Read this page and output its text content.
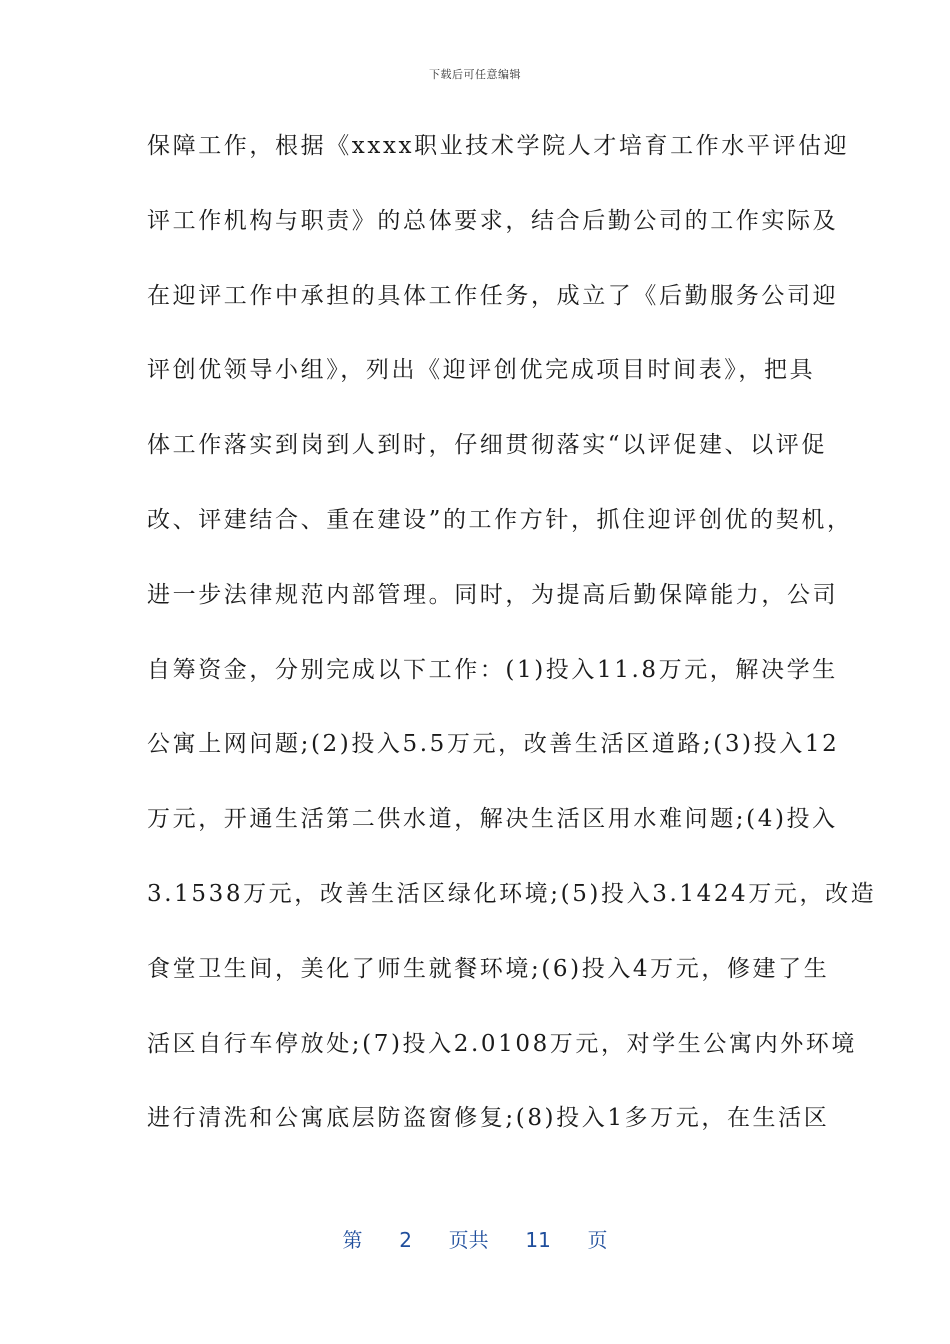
下载后可任意编辑
保障工作，根据《xxxx职业技术学院人才培育工作水平评估迎
评工作机构与职责》的总体要求，结合后勤公司的工作实际及
在迎评工作中承担的具体工作任务，成立了《后勤服务公司迎
评创优领导小组》，列出《迎评创优完成项目时间表》，把具
体工作落实到岗到人到时，仔细贯彻落实“以评促建、以评促
改、评建结合、重在建设”的工作方针，抓住迎评创优的契机，
进一步法律规范内部管理。同时，为提高后勤保障能力，公司
自筹资金，分别完成以下工作：(1)投入11.8万元，解决学生
公寓上网问题;(2)投入5.5万元，改善生活区道路;(3)投入12
万元，开通生活第二供水道，解决生活区用水难问题;(4)投入
3.1538万元，改善生活区绿化环境;(5)投入3.1424万元，改造
食堂卫生间，美化了师生就餐环境;(6)投入4万元，修建了生
活区自行车停放处;(7)投入2.0108万元，对学生公寓内外环境
进行清洗和公寓底层防盗窗修复;(8)投入1多万元，在生活区
第 2 页共 11 页
